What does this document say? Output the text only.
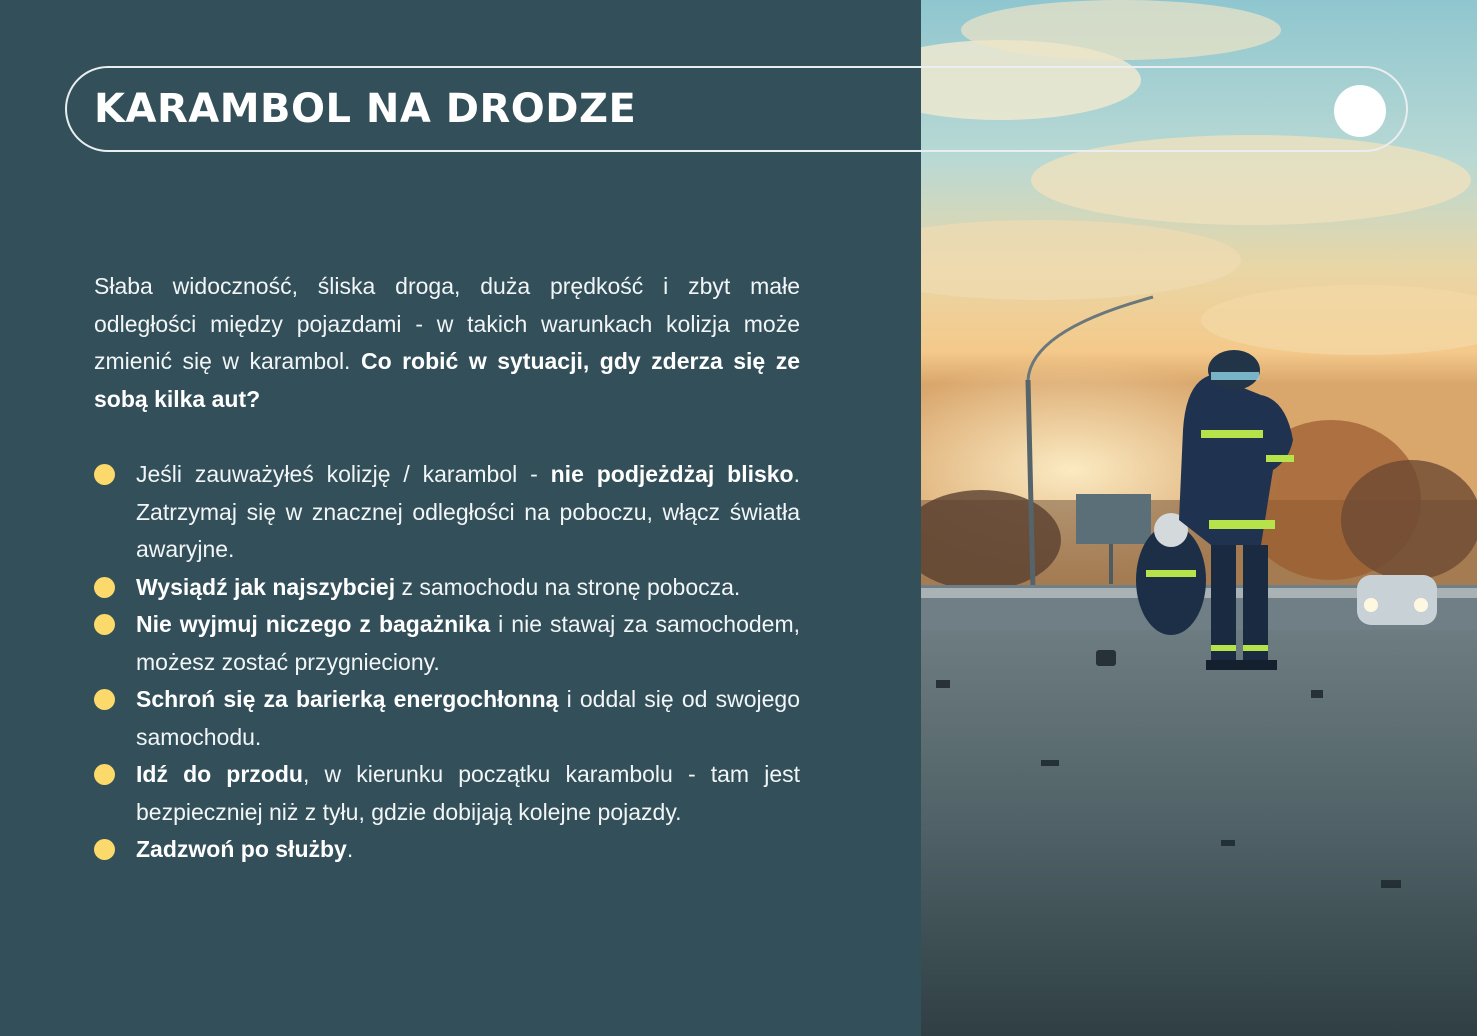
KARAMBOL NA DRODZE

Słaba widoczność, śliska droga, duża prędkość i zbyt małe odległości między pojazdami - w takich warunkach kolizja może zmienić się w karambol. Co robić w sytuacji, gdy zderza się ze sobą kilka aut?

Jeśli zauważyłeś kolizję / karambol - nie podjeżdżaj blisko. Zatrzymaj się w znacznej odległości na poboczu, włącz światła awaryjne.
Wysiądź jak najszybciej z samochodu na stronę pobocza.
Nie wyjmuj niczego z bagażnika i nie stawaj za samochodem, możesz zostać przygnieciony.
Schroń się za barierką energochłonną i oddal się od swojego samochodu.
Idź do przodu, w kierunku początku karambolu - tam jest bezpieczniej niż z tyłu, gdzie dobijają kolejne pojazdy.
Zadzwoń po służby.
